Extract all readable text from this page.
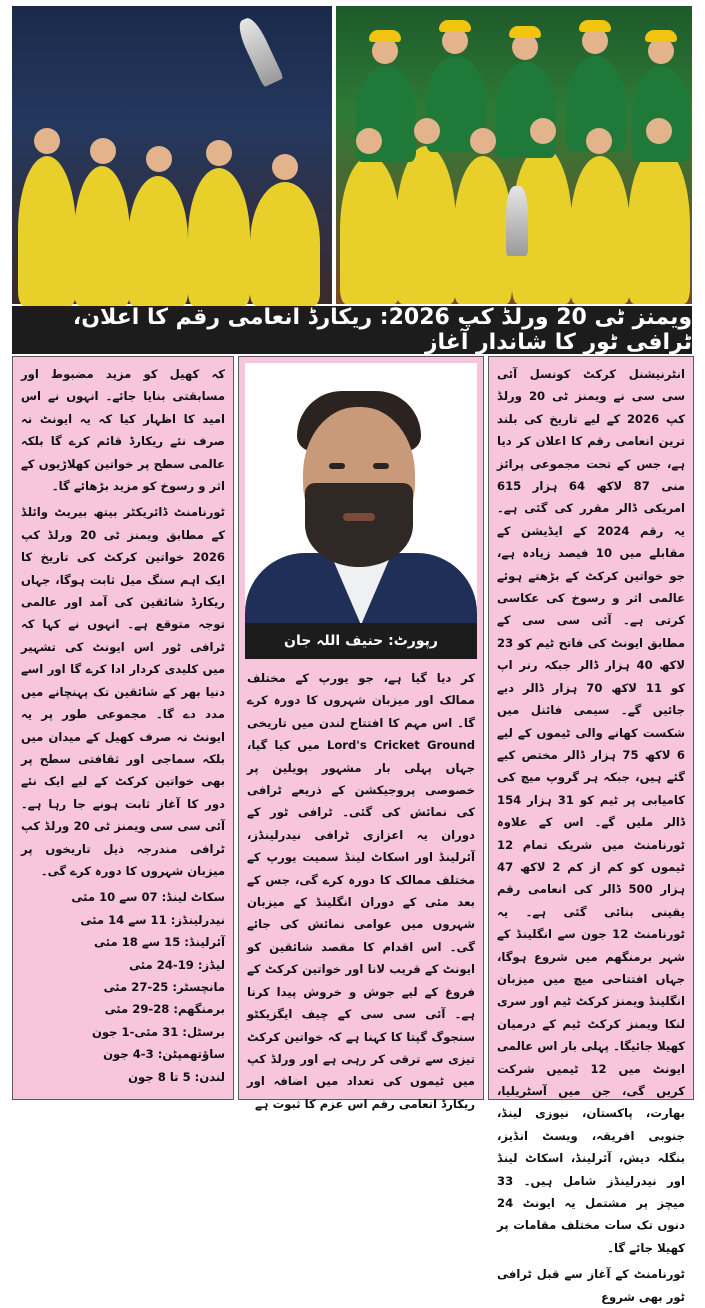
ویمنز ٹی 20 ورلڈ کپ 2026: ریکارڈ انعامی رقم کا اعلان، ٹرافی ٹور کا شاندار آغاز

انٹرنیشنل کرکٹ کونسل آئی سی سی نے ویمنز ٹی 20 ورلڈ کپ 2026 کے لیے تاریخ کی بلند ترین انعامی رقم کا اعلان کر دیا ہے، جس کے تحت مجموعی پرائز منی 87 لاکھ 64 ہزار 615 امریکی ڈالر مقرر کی گئی ہے۔ یہ رقم 2024 کے ایڈیشن کے مقابلے میں 10 فیصد زیادہ ہے، جو خواتین کرکٹ کے بڑھتے ہوئے عالمی اثر و رسوخ کی عکاسی کرتی ہے۔ آئی سی سی کے مطابق ایونٹ کی فاتح ٹیم کو 23 لاکھ 40 ہزار ڈالر جبکہ رنر اپ کو 11 لاکھ 70 ہزار ڈالر دیے جائیں گے۔ سیمی فائنل میں شکست کھانے والی ٹیموں کے لیے 6 لاکھ 75 ہزار ڈالر مختص کیے گئے ہیں، جبکہ ہر گروپ میچ کی کامیابی پر ٹیم کو 31 ہزار 154 ڈالر ملیں گے۔ اس کے علاوہ ٹورنامنٹ میں شریک تمام 12 ٹیموں کو کم از کم 2 لاکھ 47 ہزار 500 ڈالر کی انعامی رقم یقینی بنائی گئی ہے۔ یہ ٹورنامنٹ 12 جون سے انگلینڈ کے شہر برمنگھم میں شروع ہوگا، جہاں افتتاحی میچ میں میزبان انگلینڈ ویمنز کرکٹ ٹیم اور سری لنکا ویمنز کرکٹ ٹیم کے درمیان کھیلا جائیگا۔ پہلی بار اس عالمی ایونٹ میں 12 ٹیمیں شرکت کریں گی، جن میں آسٹریلیا، بھارت، پاکستان، نیوزی لینڈ، جنوبی افریقہ، ویسٹ انڈیز، بنگلہ دیش، آئرلینڈ، اسکاٹ لینڈ اور نیدرلینڈز شامل ہیں۔ 33 میچز پر مشتمل یہ ایونٹ 24 دنوں تک سات مختلف مقامات پر کھیلا جائے گا۔

ٹورنامنٹ کے آغاز سے قبل ٹرافی ٹور بھی شروع

رپورٹ: حنیف اللہ جان
کر دیا گیا ہے، جو یورپ کے مختلف ممالک اور میزبان شہروں کا دورہ کرے گا۔ اس مہم کا افتتاح لندن میں تاریخی Lord's Cricket Ground میں کیا گیا، جہاں پہلی بار مشہور پویلین پر خصوصی پروجیکشن کے ذریعے ٹرافی کی نمائش کی گئی۔ ٹرافی ٹور کے دوران یہ اعزازی ٹرافی نیدرلینڈز، آئرلینڈ اور اسکاٹ لینڈ سمیت یورپ کے مختلف ممالک کا دورہ کرے گی، جس کے بعد مئی کے دوران انگلینڈ کے میزبان شہروں میں عوامی نمائش کی جائے گی۔ اس اقدام کا مقصد شائقین کو ایونٹ کے قریب لانا اور خواتین کرکٹ کے فروغ کے لیے جوش و خروش پیدا کرنا ہے۔ آئی سی سی کے چیف ایگزیکٹو سنجوگ گپتا کا کہنا ہے کہ خواتین کرکٹ تیزی سے ترقی کر رہی ہے اور ورلڈ کپ میں ٹیموں کی تعداد میں اضافہ اور ریکارڈ انعامی رقم اس عزم کا ثبوت ہے

کہ کھیل کو مزید مضبوط اور مسابقتی بنایا جائے۔ انہوں نے اس امید کا اظہار کیا کہ یہ ایونٹ نہ صرف نئے ریکارڈ قائم کرے گا بلکہ عالمی سطح پر خواتین کھلاڑیوں کے اثر و رسوخ کو مزید بڑھائے گا۔

ٹورنامنٹ ڈائریکٹر بیتھ بیریٹ وائلڈ کے مطابق ویمنز ٹی 20 ورلڈ کپ 2026 خواتین کرکٹ کی تاریخ کا ایک اہم سنگ میل ثابت ہوگا، جہاں ریکارڈ شائقین کی آمد اور عالمی توجہ متوقع ہے۔ انہوں نے کہا کہ ٹرافی ٹور اس ایونٹ کی تشہیر میں کلیدی کردار ادا کرے گا اور اسے دنیا بھر کے شائقین تک پہنچانے میں مدد دے گا۔ مجموعی طور پر یہ ایونٹ نہ صرف کھیل کے میدان میں بلکہ سماجی اور ثقافتی سطح پر بھی خواتین کرکٹ کے لیے ایک نئے دور کا آغاز ثابت ہونے جا رہا ہے۔ آئی سی سی ویمنز ٹی 20 ورلڈ کپ ٹرافی مندرجہ ذیل تاریخوں پر میزبان شہروں کا دورہ کرے گی۔

سکاٹ لینڈ: 07 سے 10 مئی
نیدرلینڈز: 11 سے 14 مئی
آئرلینڈ: 15 سے 18 مئی
لیڈز: 19-24 مئی
مانچسٹر: 25-27 مئی
برمنگھم: 28-29 مئی
برسٹل: 31 مئی-1 جون
ساؤتھمپٹن: 3-4 جون
لندن: 5 تا 8 جون
